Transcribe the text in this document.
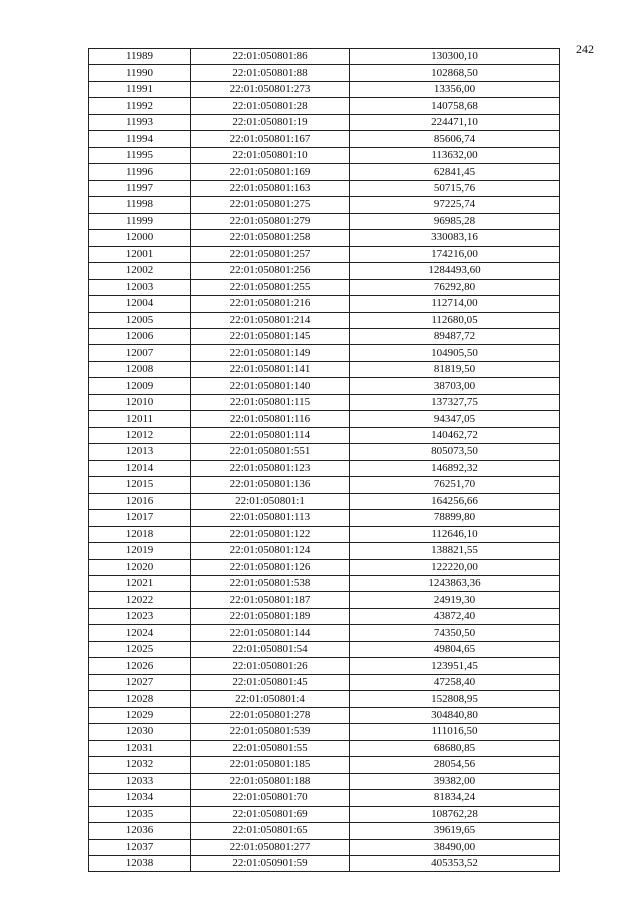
242
11989	22:01:050801:86	130300,10
11990	22:01:050801:88	102868,50
11991	22:01:050801:273	13356,00
11992	22:01:050801:28	140758,68
11993	22:01:050801:19	224471,10
11994	22:01:050801:167	85606,74
11995	22:01:050801:10	113632,00
11996	22:01:050801:169	62841,45
11997	22:01:050801:163	50715,76
11998	22:01:050801:275	97225,74
11999	22:01:050801:279	96985,28
12000	22:01:050801:258	330083,16
12001	22:01:050801:257	174216,00
12002	22:01:050801:256	1284493,60
12003	22:01:050801:255	76292,80
12004	22:01:050801:216	112714,00
12005	22:01:050801:214	112680,05
12006	22:01:050801:145	89487,72
12007	22:01:050801:149	104905,50
12008	22:01:050801:141	81819,50
12009	22:01:050801:140	38703,00
12010	22:01:050801:115	137327,75
12011	22:01:050801:116	94347,05
12012	22:01:050801:114	140462,72
12013	22:01:050801:551	805073,50
12014	22:01:050801:123	146892,32
12015	22:01:050801:136	76251,70
12016	22:01:050801:1	164256,66
12017	22:01:050801:113	78899,80
12018	22:01:050801:122	112646,10
12019	22:01:050801:124	138821,55
12020	22:01:050801:126	122220,00
12021	22:01:050801:538	1243863,36
12022	22:01:050801:187	24919,30
12023	22:01:050801:189	43872,40
12024	22:01:050801:144	74350,50
12025	22:01:050801:54	49804,65
12026	22:01:050801:26	123951,45
12027	22:01:050801:45	47258,40
12028	22:01:050801:4	152808,95
12029	22:01:050801:278	304840,80
12030	22:01:050801:539	111016,50
12031	22:01:050801:55	68680,85
12032	22:01:050801:185	28054,56
12033	22:01:050801:188	39382,00
12034	22:01:050801:70	81834,24
12035	22:01:050801:69	108762,28
12036	22:01:050801:65	39619,65
12037	22:01:050801:277	38490,00
12038	22:01:050901:59	405353,52
